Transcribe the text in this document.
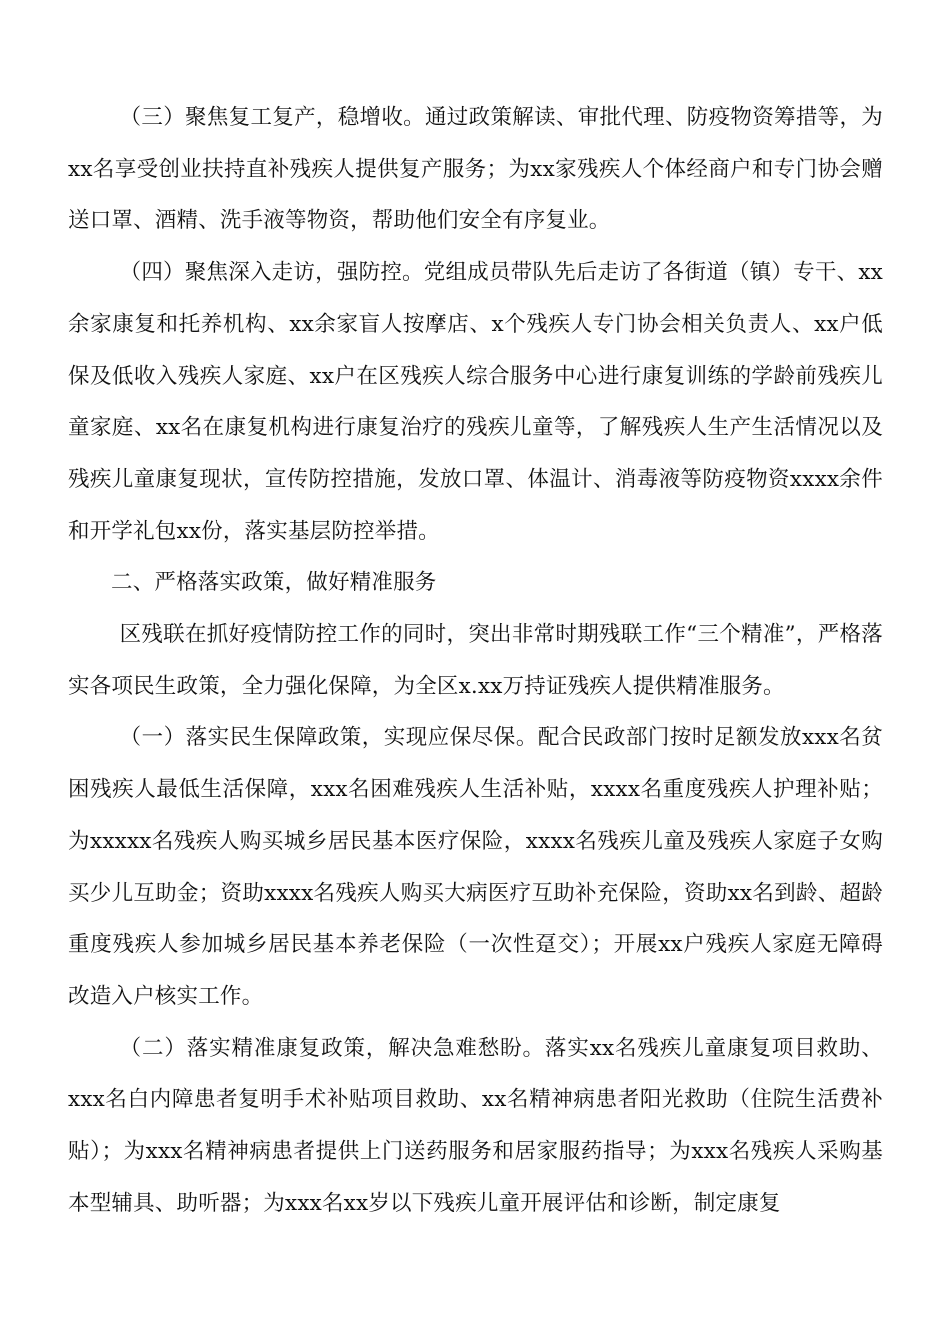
（三）聚焦复工复产，稳增收。通过政策解读、审批代理、防疫物资筹措等，为xx名享受创业扶持直补残疾人提供复产服务；为xx家残疾人个体经商户和专门协会赠送口罩、酒精、洗手液等物资，帮助他们安全有序复业。

（四）聚焦深入走访，强防控。党组成员带队先后走访了各街道（镇）专干、xx余家康复和托养机构、xx余家盲人按摩店、x个残疾人专门协会相关负责人、xx户低保及低收入残疾人家庭、xx户在区残疾人综合服务中心进行康复训练的学龄前残疾儿童家庭、xx名在康复机构进行康复治疗的残疾儿童等，了解残疾人生产生活情况以及残疾儿童康复现状，宣传防控措施，发放口罩、体温计、消毒液等防疫物资xxxx余件和开学礼包xx份，落实基层防控举措。

二、严格落实政策，做好精准服务

区残联在抓好疫情防控工作的同时，突出非常时期残联工作“三个精准”，严格落实各项民生政策，全力强化保障，为全区x.xx万持证残疾人提供精准服务。

（一）落实民生保障政策，实现应保尽保。配合民政部门按时足额发放xxx名贫困残疾人最低生活保障，xxx名困难残疾人生活补贴，xxxx名重度残疾人护理补贴；为xxxxx名残疾人购买城乡居民基本医疗保险，xxxx名残疾儿童及残疾人家庭子女购买少儿互助金；资助xxxx名残疾人购买大病医疗互助补充保险，资助xx名到龄、超龄重度残疾人参加城乡居民基本养老保险（一次性趸交）；开展xx户残疾人家庭无障碍改造入户核实工作。

（二）落实精准康复政策，解决急难愁盼。落实xx名残疾儿童康复项目救助、xxx名白内障患者复明手术补贴项目救助、xx名精神病患者阳光救助（住院生活费补贴）；为xxx名精神病患者提供上门送药服务和居家服药指导；为xxx名残疾人采购基本型辅具、助听器；为xxx名xx岁以下残疾儿童开展评估和诊断，制定康复
